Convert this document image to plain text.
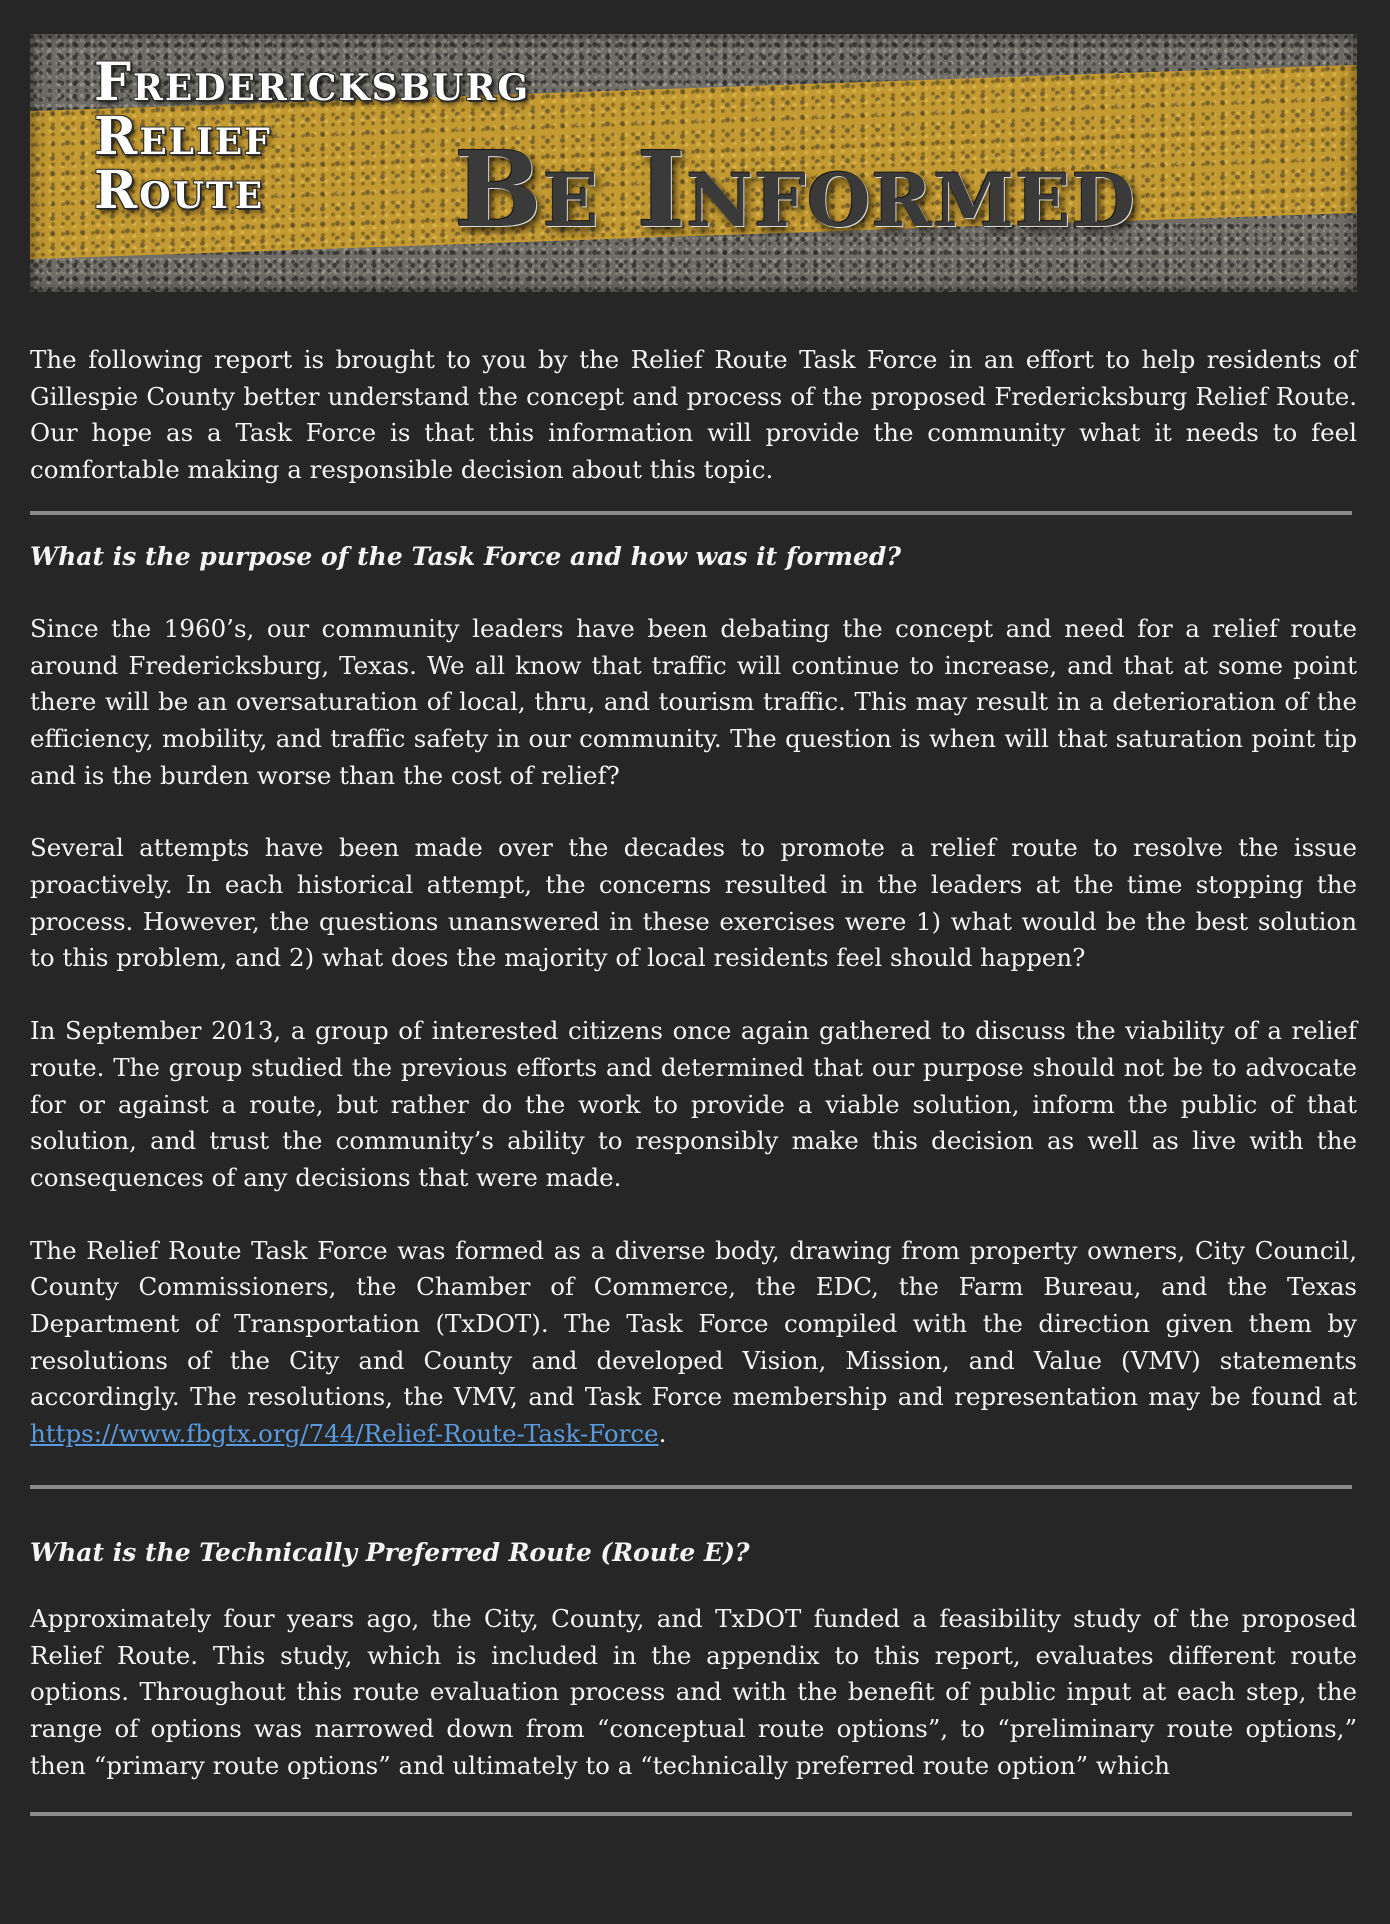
Fredericksburg
Relief
Route	Be Informed

The following report is brought to you by the Relief Route Task Force in an effort to help residents of Gillespie County better understand the concept and process of the proposed Fredericksburg Relief Route. Our hope as a Task Force is that this information will provide the community what it needs to feel comfortable making a responsible decision about this topic.

What is the purpose of the Task Force and how was it formed?

Since the 1960’s, our community leaders have been debating the concept and need for a relief route around Fredericksburg, Texas. We all know that traffic will continue to increase, and that at some point there will be an oversaturation of local, thru, and tourism traffic. This may result in a deterioration of the efficiency, mobility, and traffic safety in our community. The question is when will that saturation point tip and is the burden worse than the cost of relief?

Several attempts have been made over the decades to promote a relief route to resolve the issue proactively. In each historical attempt, the concerns resulted in the leaders at the time stopping the process. However, the questions unanswered in these exercises were 1) what would be the best solution to this problem, and 2) what does the majority of local residents feel should happen?

In September 2013, a group of interested citizens once again gathered to discuss the viability of a relief route. The group studied the previous efforts and determined that our purpose should not be to advocate for or against a route, but rather do the work to provide a viable solution, inform the public of that solution, and trust the community’s ability to responsibly make this decision as well as live with the consequences of any decisions that were made.

The Relief Route Task Force was formed as a diverse body, drawing from property owners, City Council, County Commissioners, the Chamber of Commerce, the EDC, the Farm Bureau, and the Texas Department of Transportation (TxDOT). The Task Force compiled with the direction given them by resolutions of the City and County and developed Vision, Mission, and Value (VMV) statements accordingly. The resolutions, the VMV, and Task Force membership and representation may be found at https://www.fbgtx.org/744/Relief-Route-Task-Force.

What is the Technically Preferred Route (Route E)?

Approximately four years ago, the City, County, and TxDOT funded a feasibility study of the proposed Relief Route. This study, which is included in the appendix to this report, evaluates different route options. Throughout this route evaluation process and with the benefit of public input at each step, the range of options was narrowed down from “conceptual route options”, to “preliminary route options,” then “primary route options” and ultimately to a “technically preferred route option” which
